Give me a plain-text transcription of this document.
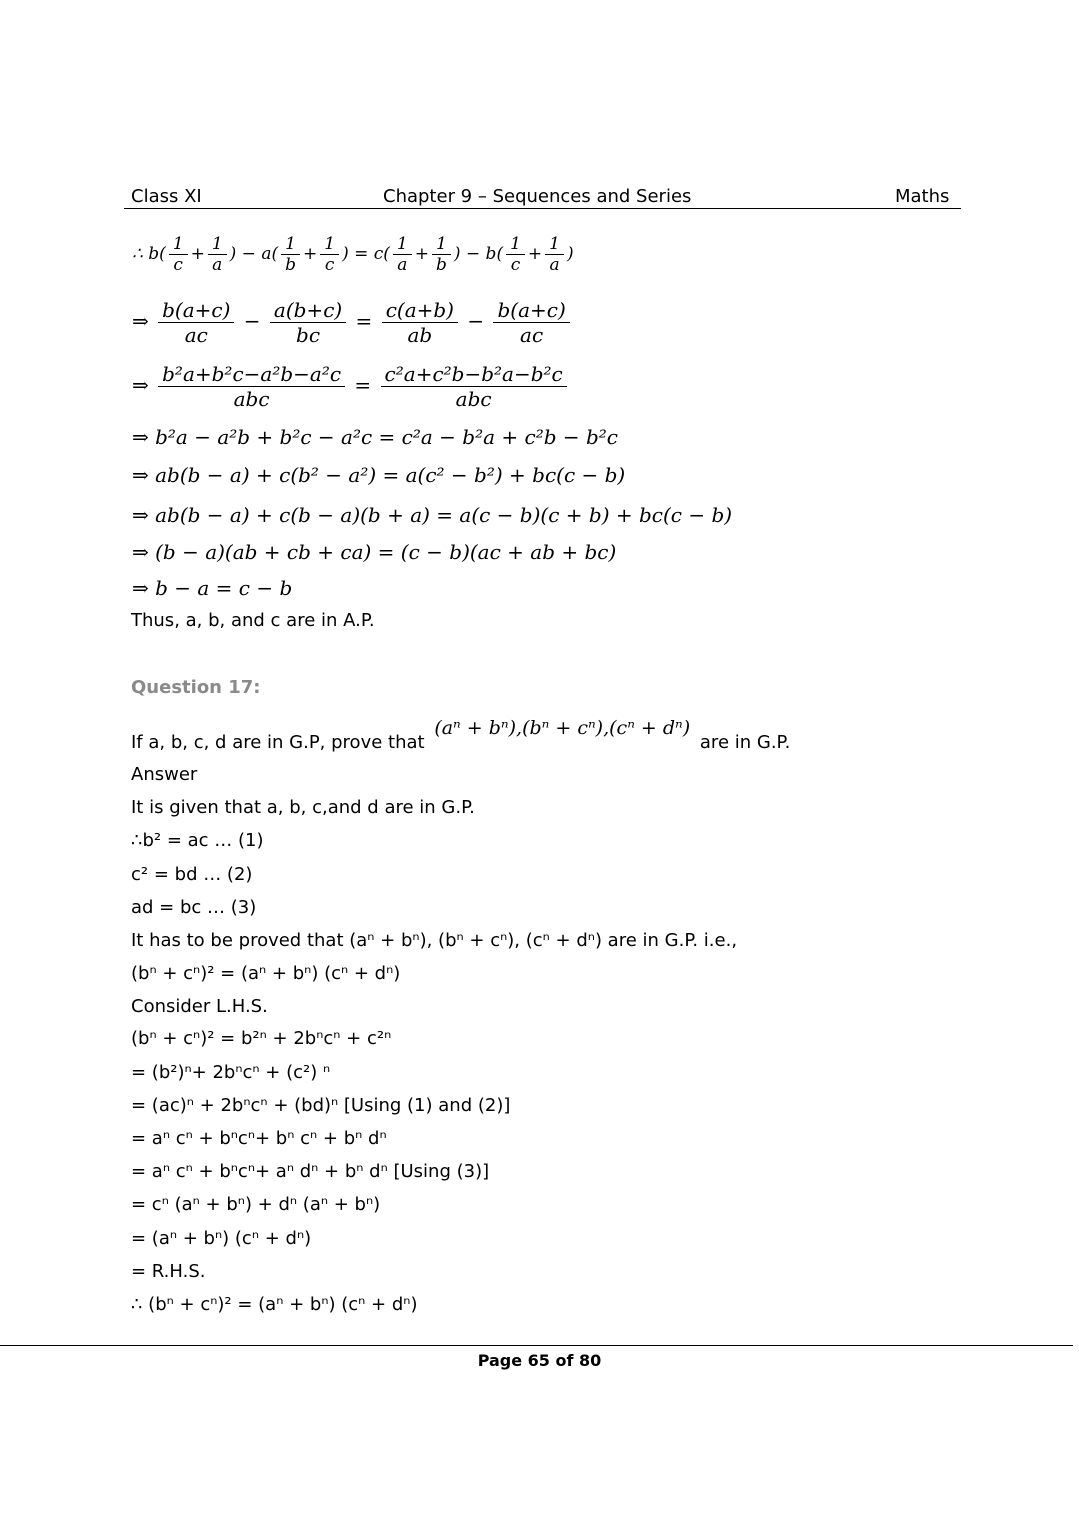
Class XI	Chapter 9 – Sequences and Series	Maths
∴ $b( \frac{1}{c} + \frac{1}{a}$ ) − $a( \frac{1}{b} + \frac{1}{c}$ ) = $c( \frac{1}{a} + \frac{1}{b}$ ) − $b( \frac{1}{c} + \frac{1}{a}$ )
⇒ $\frac{b(a+c)}{ac} - \frac{a(b+c)}{bc} = \frac{c(a+b)}{ab} - \frac{b(a+c)}{ac}$
⇒ $\frac{\text{b²a+b²c−a²b−a²c}}{\text{abc}} = \frac{\text{c²a+c²b−b²a−b²c}}{\text{abc}}$
⇒ b²a − a²b + b²c − a²c = c²a − b²a + c²b − b²c
⇒ ab(b − a) + c(b² − a²) = a(c² − b²) + bc(c − b)
⇒ ab(b − a) + c(b − a)(b + a) = a(c − b)(c + b) + bc(c − b)
⇒ (b − a)(ab + cb + ca) = (c − b)(ac + ab + bc)
⇒ b − a = c − b
Thus, a, b, and c are in A.P.
Question 17:
If a, b, c, d are in G.P, prove that (aⁿ + bⁿ),(bⁿ + cⁿ),(cⁿ + dⁿ) are in G.P.
Answer
It is given that a, b, c,and d are in G.P.
∴b² = ac … (1)
c² = bd … (2)
ad = bc … (3)
It has to be proved that (aⁿ + bⁿ), (bⁿ + cⁿ), (cⁿ + dⁿ) are in G.P. i.e.,
(bⁿ + cⁿ)² = (aⁿ + bⁿ) (cⁿ + dⁿ)
Consider L.H.S.
(bⁿ + cⁿ)² = b²ⁿ + 2bⁿcⁿ + c²ⁿ
= (b²)ⁿ+ 2bⁿcⁿ + (c²) ⁿ
= (ac)ⁿ + 2bⁿcⁿ + (bd)ⁿ [Using (1) and (2)]
= aⁿ cⁿ + bⁿcⁿ+ bⁿ cⁿ + bⁿ dⁿ
= aⁿ cⁿ + bⁿcⁿ+ aⁿ dⁿ + bⁿ dⁿ [Using (3)]
= cⁿ (aⁿ + bⁿ) + dⁿ (aⁿ + bⁿ)
= (aⁿ + bⁿ) (cⁿ + dⁿ)
= R.H.S.
∴ (bⁿ + cⁿ)² = (aⁿ + bⁿ) (cⁿ + dⁿ)
Page 65 of 80
